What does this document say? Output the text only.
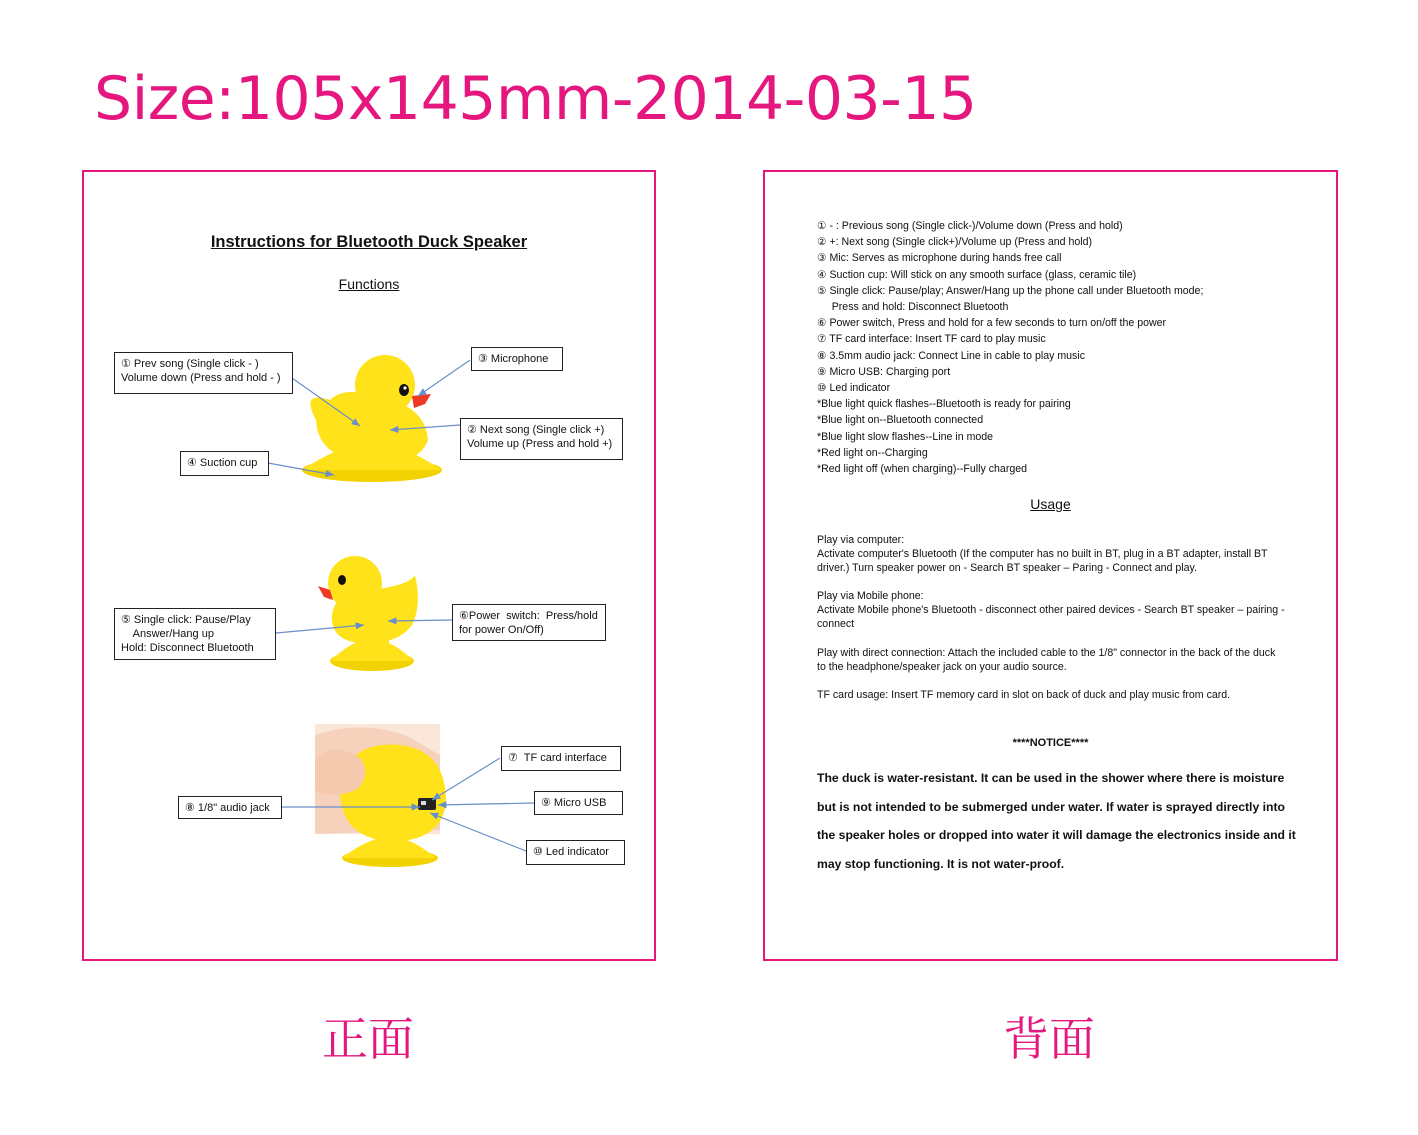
Size:105x145mm-2014-03-15
Instructions for Bluetooth Duck Speaker
Functions
① Prev song (Single click - )
Volume down (Press and hold - )
③ Microphone
② Next song (Single click +)
Volume up (Press and hold +)
④ Suction cup
⑤ Single click: Pause/Play
Answer/Hang up
Hold: Disconnect Bluetooth
⑥Power  switch:  Press/hold
for power On/Off)
⑦  TF card interface
⑧ 1/8" audio jack	⑨ Micro USB
⑩ Led indicator
正面
① - : Previous song (Single click-)/Volume down (Press and hold)
② +: Next song (Single click+)/Volume up (Press and hold)
③ Mic: Serves as microphone during hands free call
④ Suction cup: Will stick on any smooth surface (glass, ceramic tile)
⑤ Single click: Pause/play; Answer/Hang up the phone call under Bluetooth mode;
Press and hold: Disconnect Bluetooth
⑥ Power switch, Press and hold for a few seconds to turn on/off the power
⑦ TF card interface: Insert TF card to play music
⑧ 3.5mm audio jack: Connect Line in cable to play music
⑨ Micro USB: Charging port
⑩ Led indicator
*Blue light quick flashes--Bluetooth is ready for pairing
*Blue light on--Bluetooth connected
*Blue light slow flashes--Line in mode
*Red light on--Charging
*Red light off (when charging)--Fully charged
Usage
Play via computer:
Activate computer's Bluetooth (If the computer has no built in BT, plug in a BT adapter, install BT driver.) Turn speaker power on - Search BT speaker – Paring - Connect and play.
Play via Mobile phone:
Activate Mobile phone's Bluetooth - disconnect other paired devices - Search BT speaker – pairing - connect
Play with direct connection: Attach the included cable to the 1/8" connector in the back of the duck to the headphone/speaker jack on your audio source.
TF card usage: Insert TF memory card in slot on back of duck and play music from card.
****NOTICE****
The duck is water-resistant. It can be used in the shower where there is moisture but is not intended to be submerged under water. If water is sprayed directly into the speaker holes or dropped into water it will damage the electronics inside and it may stop functioning. It is not water-proof.
背面
